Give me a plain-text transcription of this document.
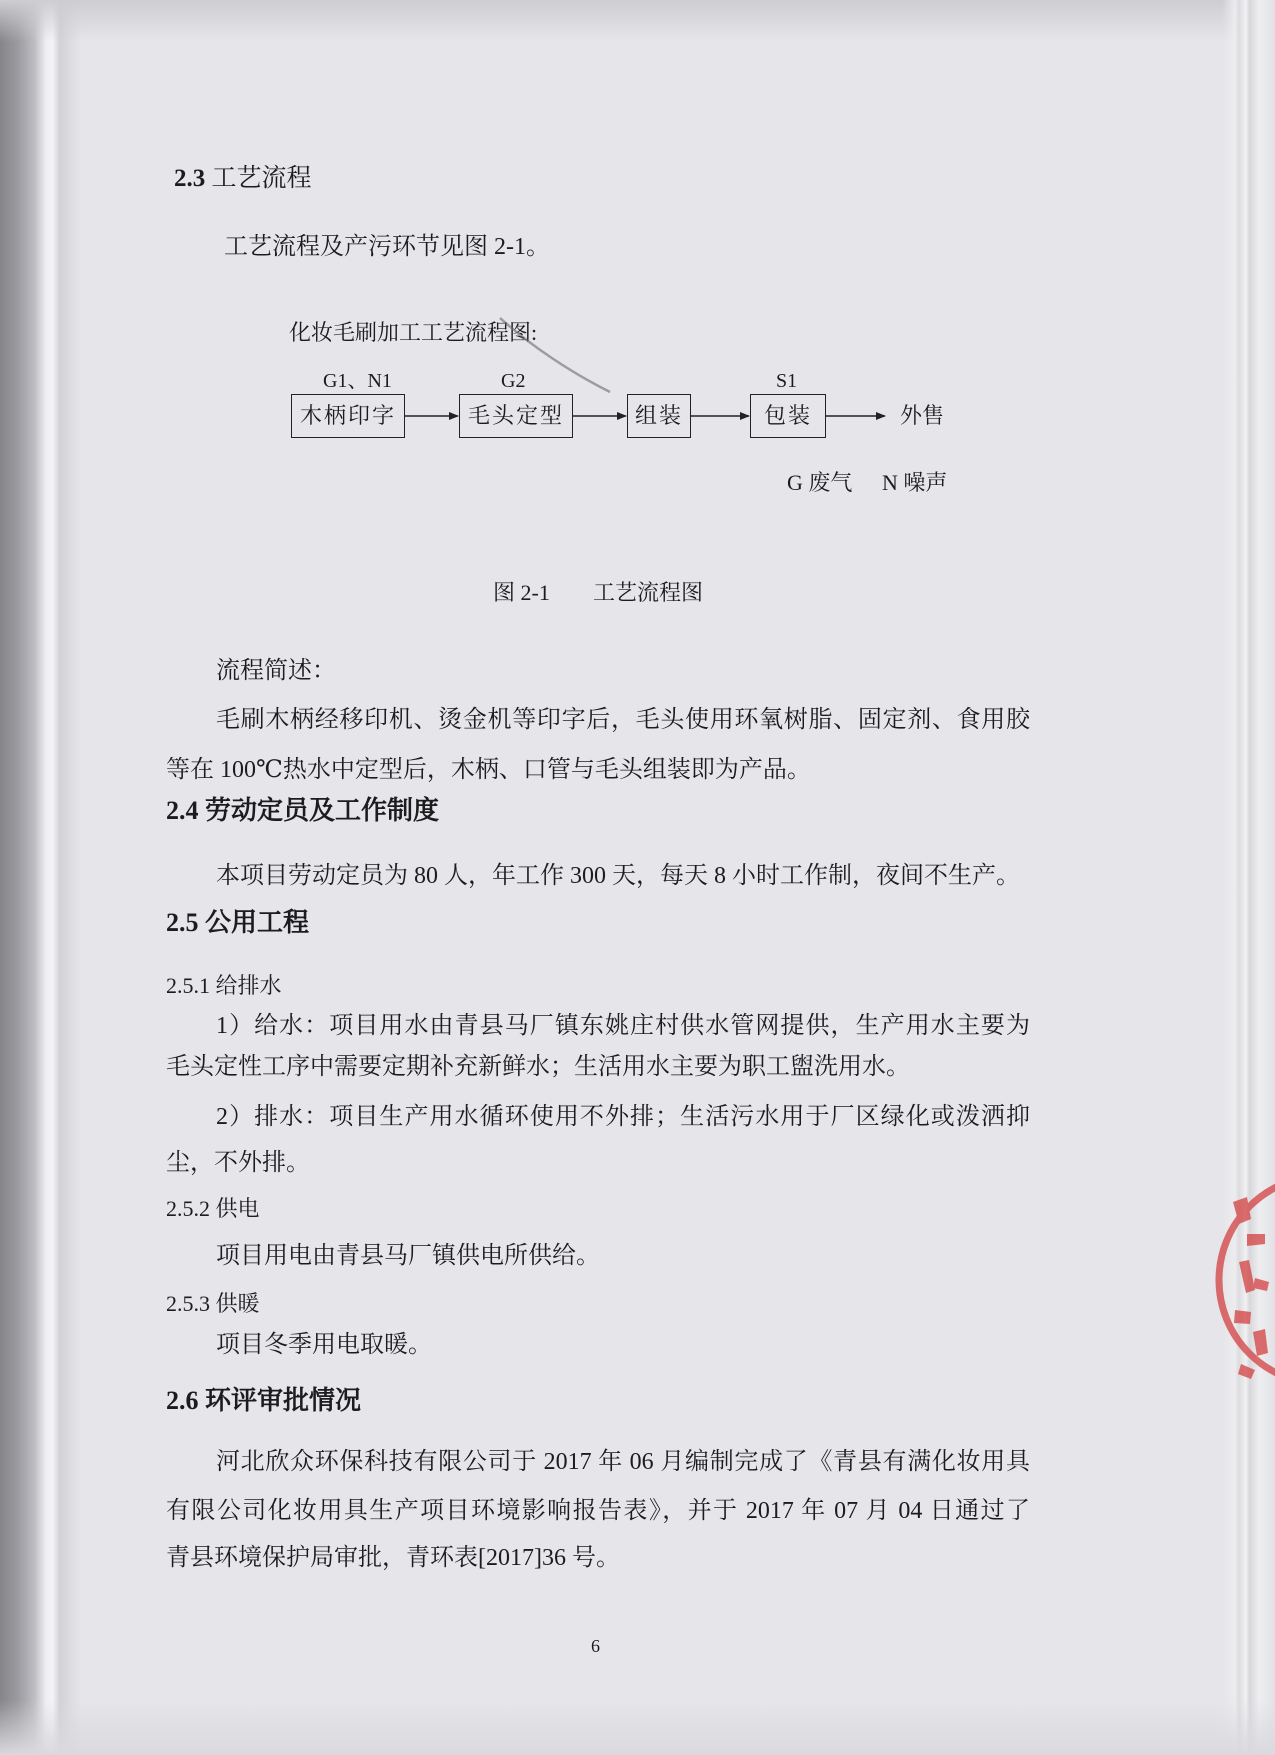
2.3 工艺流程
工艺流程及产污环节见图 2-1。
化妆毛刷加工工艺流程图:
G1、N1	G2	S1
木柄印字	毛头定型	组装	包装	外售
G 废气 N 噪声
图 2-1 工艺流程图
流程简述：
毛刷木柄经移印机、烫金机等印字后，毛头使用环氧树脂、固定剂、食用胶
等在 100℃热水中定型后，木柄、口管与毛头组装即为产品。
2.4 劳动定员及工作制度
本项目劳动定员为 80 人，年工作 300 天，每天 8 小时工作制，夜间不生产。
2.5 公用工程
2.5.1 给排水
1）给水：项目用水由青县马厂镇东姚庄村供水管网提供，生产用水主要为
毛头定性工序中需要定期补充新鲜水；生活用水主要为职工盥洗用水。
2）排水：项目生产用水循环使用不外排；生活污水用于厂区绿化或泼洒抑
尘，不外排。
2.5.2 供电
项目用电由青县马厂镇供电所供给。
2.5.3 供暖
项目冬季用电取暖。
2.6 环评审批情况
河北欣众环保科技有限公司于 2017 年 06 月编制完成了《青县有满化妆用具
有限公司化妆用具生产项目环境影响报告表》，并于 2017 年 07 月 04 日通过了
青县环境保护局审批，青环表[2017]36 号。
6
